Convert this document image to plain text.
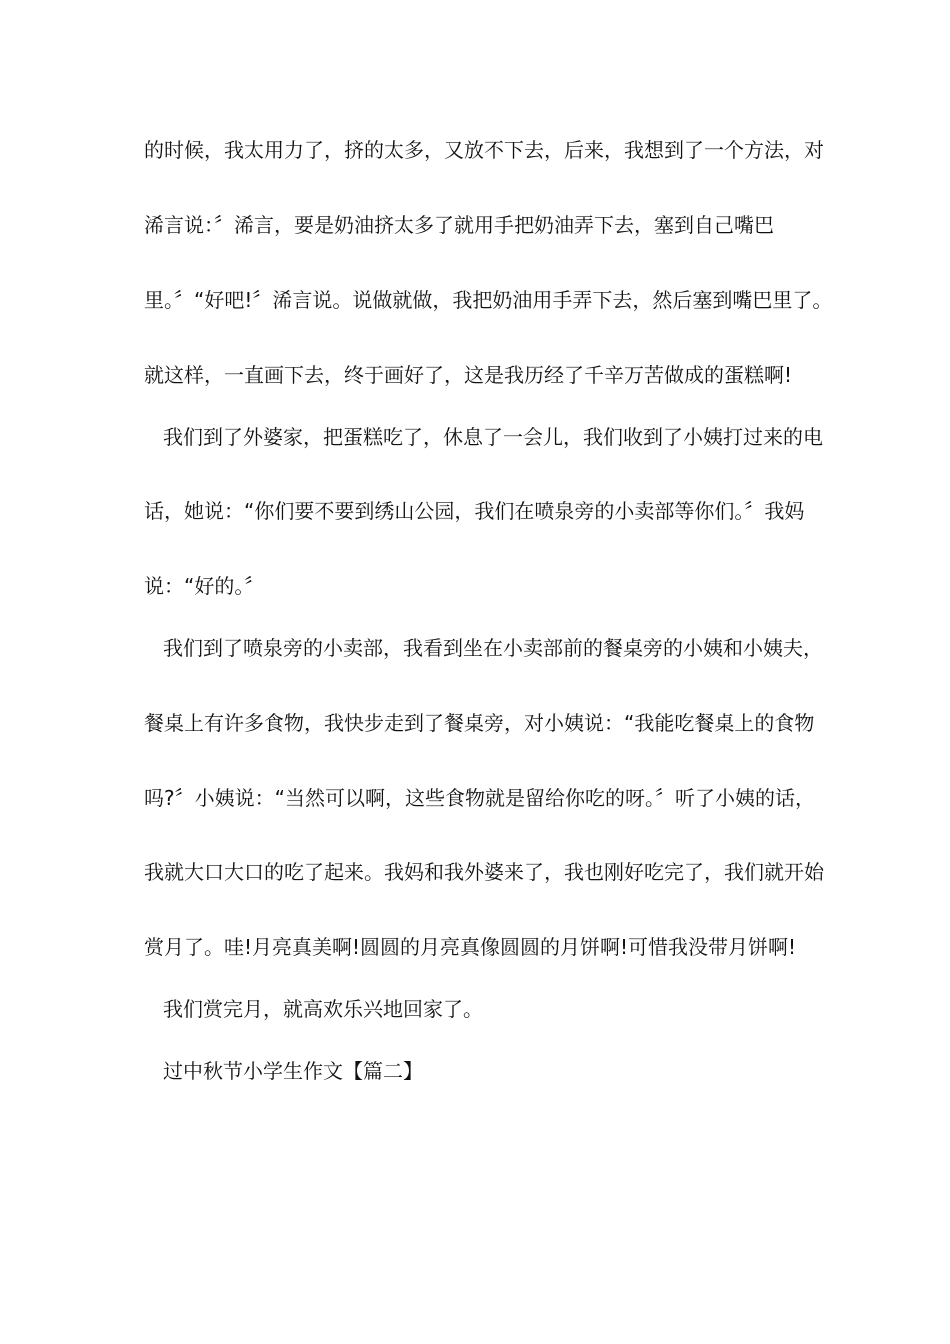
的时候，我太用力了，挤的太多，又放不下去，后来，我想到了一个方法，对
浠言说：〞浠言，要是奶油挤太多了就用手把奶油弄下去，塞到自己嘴巴
里。〞“好吧!〞浠言说。说做就做，我把奶油用手弄下去，然后塞到嘴巴里了。
就这样，一直画下去，终于画好了，这是我历经了千辛万苦做成的蛋糕啊!
我们到了外婆家，把蛋糕吃了，休息了一会儿，我们收到了小姨打过来的电
话，她说：“你们要不要到绣山公园，我们在喷泉旁的小卖部等你们。〞我妈
说：“好的。〞
我们到了喷泉旁的小卖部，我看到坐在小卖部前的餐桌旁的小姨和小姨夫，
餐桌上有许多食物，我快步走到了餐桌旁，对小姨说：“我能吃餐桌上的食物
吗?〞小姨说：“当然可以啊，这些食物就是留给你吃的呀。〞听了小姨的话，
我就大口大口的吃了起来。我妈和我外婆来了，我也刚好吃完了，我们就开始
赏月了。哇!月亮真美啊!圆圆的月亮真像圆圆的月饼啊!可惜我没带月饼啊!
我们赏完月，就高欢乐兴地回家了。
过中秋节小学生作文【篇二】
